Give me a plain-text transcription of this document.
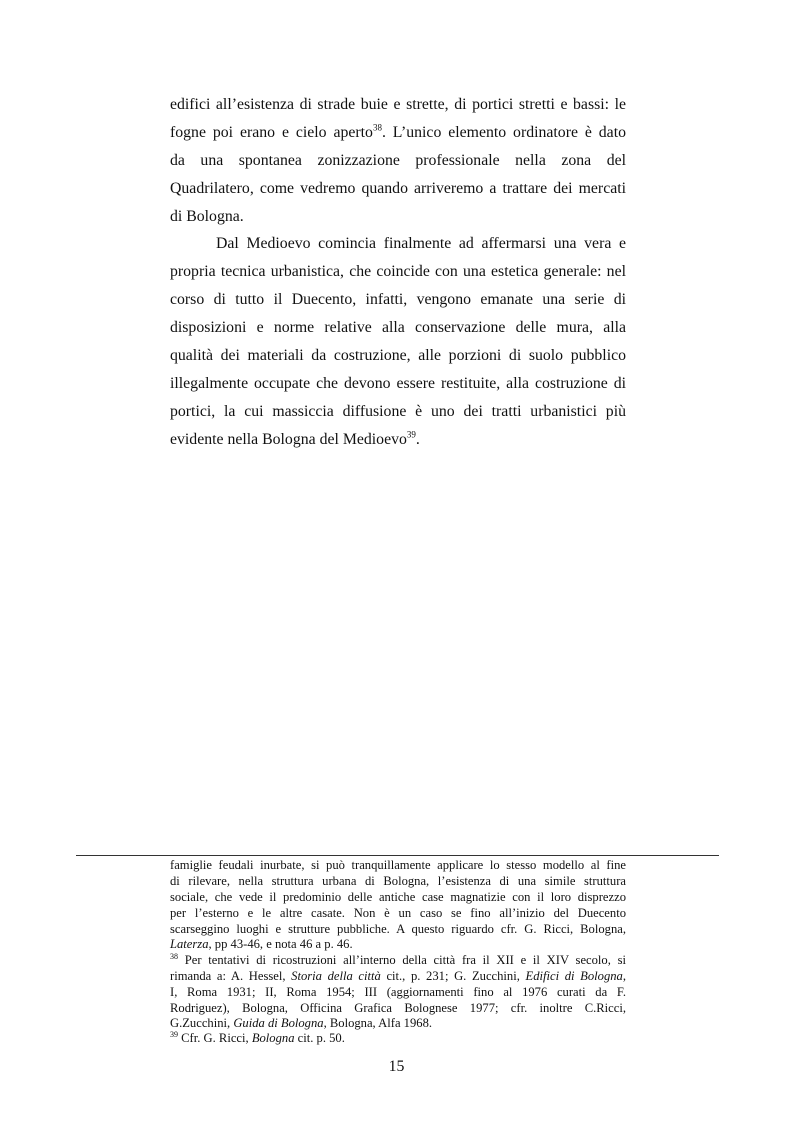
edifici all’esistenza di strade buie e strette, di portici stretti e bassi: le
fogne poi erano e cielo aperto$^{38}$. L’unico elemento ordinatore è dato
da una spontanea zonizzazione professionale nella zona del
Quadrilatero, come vedremo quando arriveremo a trattare dei mercati
di Bologna.
Dal Medioevo comincia finalmente ad affermarsi una vera e
propria tecnica urbanistica, che coincide con una estetica generale: nel
corso di tutto il Duecento, infatti, vengono emanate una serie di
disposizioni e norme relative alla conservazione delle mura, alla
qualità dei materiali da costruzione, alle porzioni di suolo pubblico
illegalmente occupate che devono essere restituite, alla costruzione di
portici, la cui massiccia diffusione è uno dei tratti urbanistici più
evidente nella Bologna del Medioevo$^{39}$.
famiglie feudali inurbate, si può tranquillamente applicare lo stesso modello al fine
di rilevare, nella struttura urbana di Bologna, l’esistenza di una simile struttura
sociale, che vede il predominio delle antiche case magnatizie con il loro disprezzo
per l’esterno e le altre casate. Non è un caso se fino all’inizio del Duecento
scarseggino luoghi e strutture pubbliche. A questo riguardo cfr. G. Ricci, Bologna,
Laterza, pp 43-46, e nota 46 a p. 46.
$^{38}$ Per tentativi di ricostruzioni all’interno della città fra il XII e il XIV secolo, si
rimanda a: A. Hessel, Storia della città cit., p. 231; G. Zucchini, Edifici di Bologna,
I, Roma 1931; II, Roma 1954; III (aggiornamenti fino al 1976 curati da F.
Rodriguez), Bologna, Officina Grafica Bolognese 1977; cfr. inoltre C.Ricci,
G.Zucchini, Guida di Bologna, Bologna, Alfa 1968.
$^{39}$ Cfr. G. Ricci, Bologna cit. p. 50.
15
